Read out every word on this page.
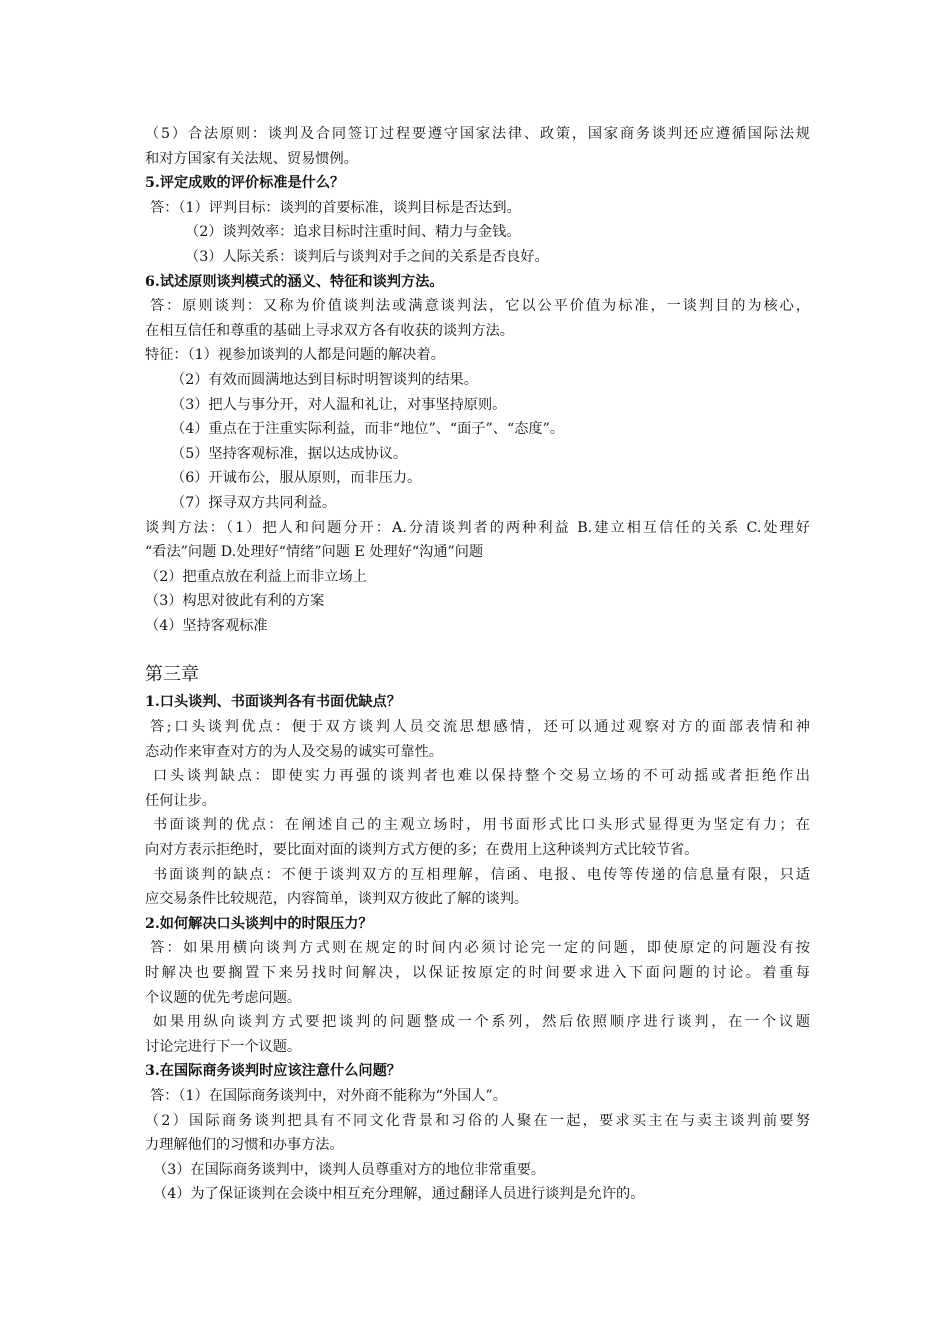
（5）合法原则：谈判及合同签订过程要遵守国家法律、政策，国家商务谈判还应遵循国际法规
和对方国家有关法规、贸易惯例。
5.评定成败的评价标准是什么？
答：（1）评判目标：谈判的首要标准，谈判目标是否达到。
（2）谈判效率：追求目标时注重时间、精力与金钱。
（3）人际关系：谈判后与谈判对手之间的关系是否良好。
6.试述原则谈判模式的涵义、特征和谈判方法。
答：原则谈判：又称为价值谈判法或满意谈判法，它以公平价值为标准，一谈判目的为核心，
在相互信任和尊重的基础上寻求双方各有收获的谈判方法。
特征：（1）视参加谈判的人都是问题的解决着。
（2）有效而圆满地达到目标时明智谈判的结果。
（3）把人与事分开，对人温和礼让，对事坚持原则。
（4）重点在于注重实际利益，而非“地位”、“面子”、“态度”。
（5）坚持客观标准，据以达成协议。
（6）开诚布公，服从原则，而非压力。
（7）探寻双方共同利益。
谈判方法：（1）把人和问题分开：A.分清谈判者的两种利益 B.建立相互信任的关系 C.处理好
“看法”问题 D.处理好“情绪”问题 E 处理好“沟通”问题
（2）把重点放在利益上而非立场上
（3）构思对彼此有利的方案
（4）坚持客观标准
第三章
1.口头谈判、书面谈判各有书面优缺点？
答;口头谈判优点：便于双方谈判人员交流思想感情，还可以通过观察对方的面部表情和神
态动作来审查对方的为人及交易的诚实可靠性。
口头谈判缺点：即使实力再强的谈判者也难以保持整个交易立场的不可动摇或者拒绝作出
任何让步。
书面谈判的优点：在阐述自己的主观立场时，用书面形式比口头形式显得更为坚定有力；在
向对方表示拒绝时，要比面对面的谈判方式方便的多；在费用上这种谈判方式比较节省。
书面谈判的缺点：不便于谈判双方的互相理解，信函、电报、电传等传递的信息量有限，只适
应交易条件比较规范，内容简单，谈判双方彼此了解的谈判。
2.如何解决口头谈判中的时限压力？
答：如果用横向谈判方式则在规定的时间内必须讨论完一定的问题，即使原定的问题没有按
时解决也要搁置下来另找时间解决，以保证按原定的时间要求进入下面问题的讨论。着重每
个议题的优先考虑问题。
如果用纵向谈判方式要把谈判的问题整成一个系列，然后依照顺序进行谈判，在一个议题
讨论完进行下一个议题。
3.在国际商务谈判时应该注意什么问题？
答：（1）在国际商务谈判中，对外商不能称为“外国人”。
（2）国际商务谈判把具有不同文化背景和习俗的人聚在一起，要求买主在与卖主谈判前要努
力理解他们的习惯和办事方法。
（3）在国际商务谈判中，谈判人员尊重对方的地位非常重要。
（4）为了保证谈判在会谈中相互充分理解，通过翻译人员进行谈判是允许的。
